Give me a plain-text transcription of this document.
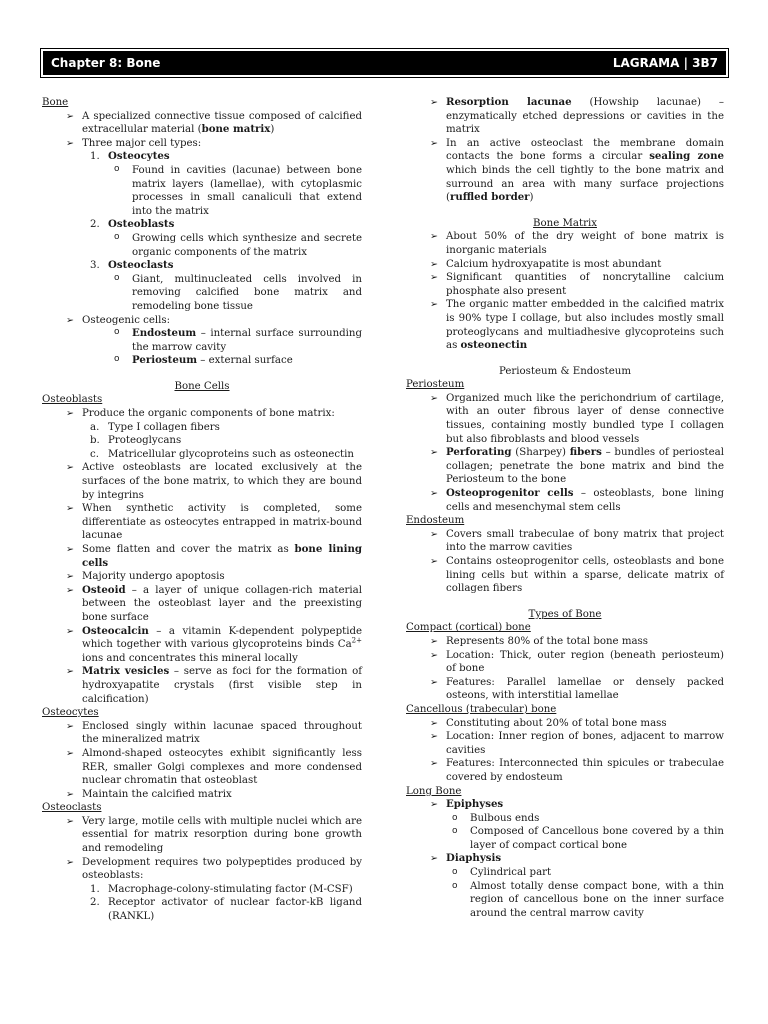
Chapter 8: Bone	LAGRAMA | 3B7
Bone
➢ A specialized connective tissue composed of calcified extracellular material (bone matrix)
➢ Three major cell types:
1. Osteocytes
o Found in cavities (lacunae) between bone matrix layers (lamellae), with cytoplasmic processes in small canaliculi that extend into the matrix
2. Osteoblasts
o Growing cells which synthesize and secrete organic components of the matrix
3. Osteoclasts
o Giant, multinucleated cells involved in removing calcified bone matrix and remodeling bone tissue
➢ Osteogenic cells:
o Endosteum – internal surface surrounding the marrow cavity
o Periosteum – external surface
Bone Cells
Osteoblasts
➢ Produce the organic components of bone matrix:
a. Type I collagen fibers
b. Proteoglycans
c. Matricellular glycoproteins such as osteonectin
➢ Active osteoblasts are located exclusively at the surfaces of the bone matrix, to which they are bound by integrins
➢ When synthetic activity is completed, some differentiate as osteocytes entrapped in matrix-bound lacunae
➢ Some flatten and cover the matrix as bone lining cells
➢ Majority undergo apoptosis
➢ Osteoid – a layer of unique collagen-rich material between the osteoblast layer and the preexisting bone surface
➢ Osteocalcin – a vitamin K-dependent polypeptide which together with various glycoproteins binds $Ca^{2+}$ ions and concentrates this mineral locally
➢ Matrix vesicles – serve as foci for the formation of hydroxyapatite crystals (first visible step in calcification)
Osteocytes
➢ Enclosed singly within lacunae spaced throughout the mineralized matrix
➢ Almond-shaped osteocytes exhibit significantly less RER, smaller Golgi complexes and more condensed nuclear chromatin that osteoblast
➢ Maintain the calcified matrix
Osteoclasts
➢ Very large, motile cells with multiple nuclei which are essential for matrix resorption during bone growth and remodeling
➢ Development requires two polypeptides produced by osteoblasts:
1. Macrophage-colony-stimulating factor (M-CSF)
2. Receptor activator of nuclear factor-kB ligand (RANKL)
➢ Resorption lacunae (Howship lacunae) – enzymatically etched depressions or cavities in the matrix
➢ In an active osteoclast the membrane domain contacts the bone forms a circular sealing zone which binds the cell tightly to the bone matrix and surround an area with many surface projections (ruffled border)
Bone Matrix
➢ About 50% of the dry weight of bone matrix is inorganic materials
➢ Calcium hydroxyapatite is most abundant
➢ Significant quantities of noncrytalline calcium phosphate also present
➢ The organic matter embedded in the calcified matrix is 90% type I collage, but also includes mostly small proteoglycans and multiadhesive glycoproteins such as osteonectin
Periosteum & Endosteum
Periosteum
➢ Organized much like the perichondrium of cartilage, with an outer fibrous layer of dense connective tissues, containing mostly bundled type I collagen but also fibroblasts and blood vessels
➢ Perforating (Sharpey) fibers – bundles of periosteal collagen; penetrate the bone matrix and bind the Periosteum to the bone
➢ Osteoprogenitor cells – osteoblasts, bone lining cells and mesenchymal stem cells
Endosteum
➢ Covers small trabeculae of bony matrix that project into the marrow cavities
➢ Contains osteoprogenitor cells, osteoblasts and bone lining cells but within a sparse, delicate matrix of collagen fibers
Types of Bone
Compact (cortical) bone
➢ Represents 80% of the total bone mass
➢ Location: Thick, outer region (beneath periosteum) of bone
➢ Features: Parallel lamellae or densely packed osteons, with interstitial lamellae
Cancellous (trabecular) bone
➢ Constituting about 20% of total bone mass
➢ Location: Inner region of bones, adjacent to marrow cavities
➢ Features: Interconnected thin spicules or trabeculae covered by endosteum
Long Bone
➢ Epiphyses
o Bulbous ends
o Composed of Cancellous bone covered by a thin layer of compact cortical bone
➢ Diaphysis
o Cylindrical part
o Almost totally dense compact bone, with a thin region of cancellous bone on the inner surface around the central marrow cavity
